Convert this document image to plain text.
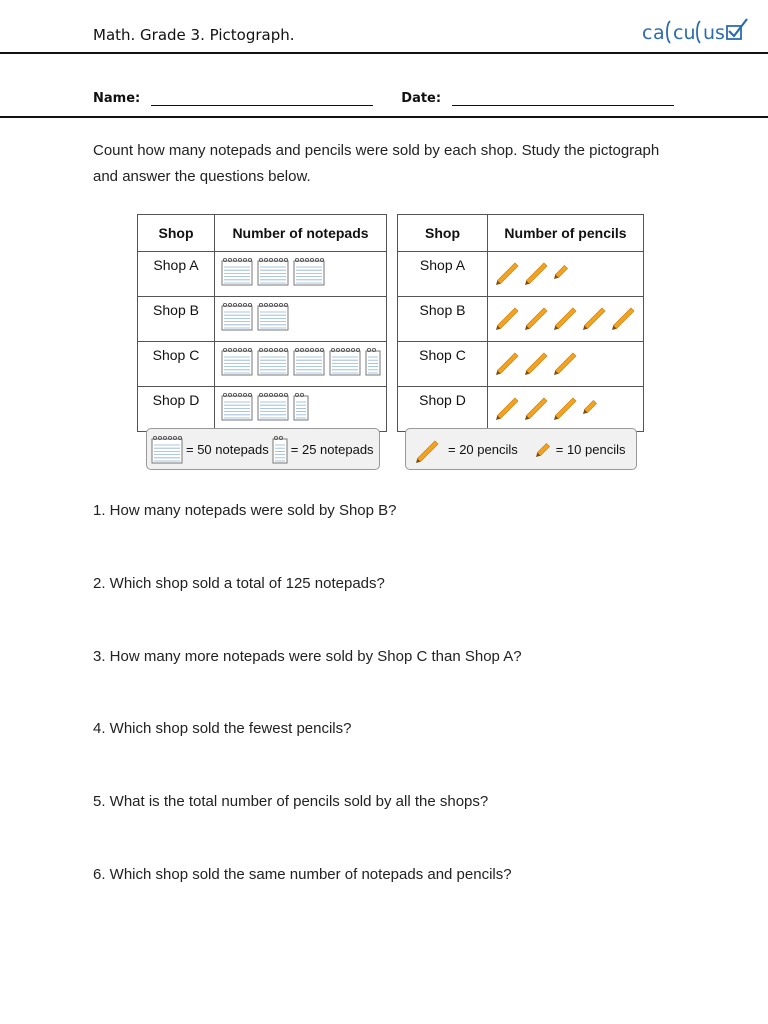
Math. Grade 3. Pictograph.	ca cu us
Name:	Date:
Count how many notepads and pencils were sold by each shop. Study the pictograph and answer the questions below.
Shop	Number of notepads
Shop A	

Shop B	

Shop C	

Shop D	
Shop	Number of pencils
Shop A	

Shop B	

Shop C	

Shop D	
= 50 notepads = 25 notepads	= 20 pencils	= 10 pencils
1. How many notepads were sold by Shop B?
2. Which shop sold a total of 125 notepads?
3. How many more notepads were sold by Shop C than Shop A?
4. Which shop sold the fewest pencils?
5. What is the total number of pencils sold by all the shops?
6. Which shop sold the same number of notepads and pencils?
